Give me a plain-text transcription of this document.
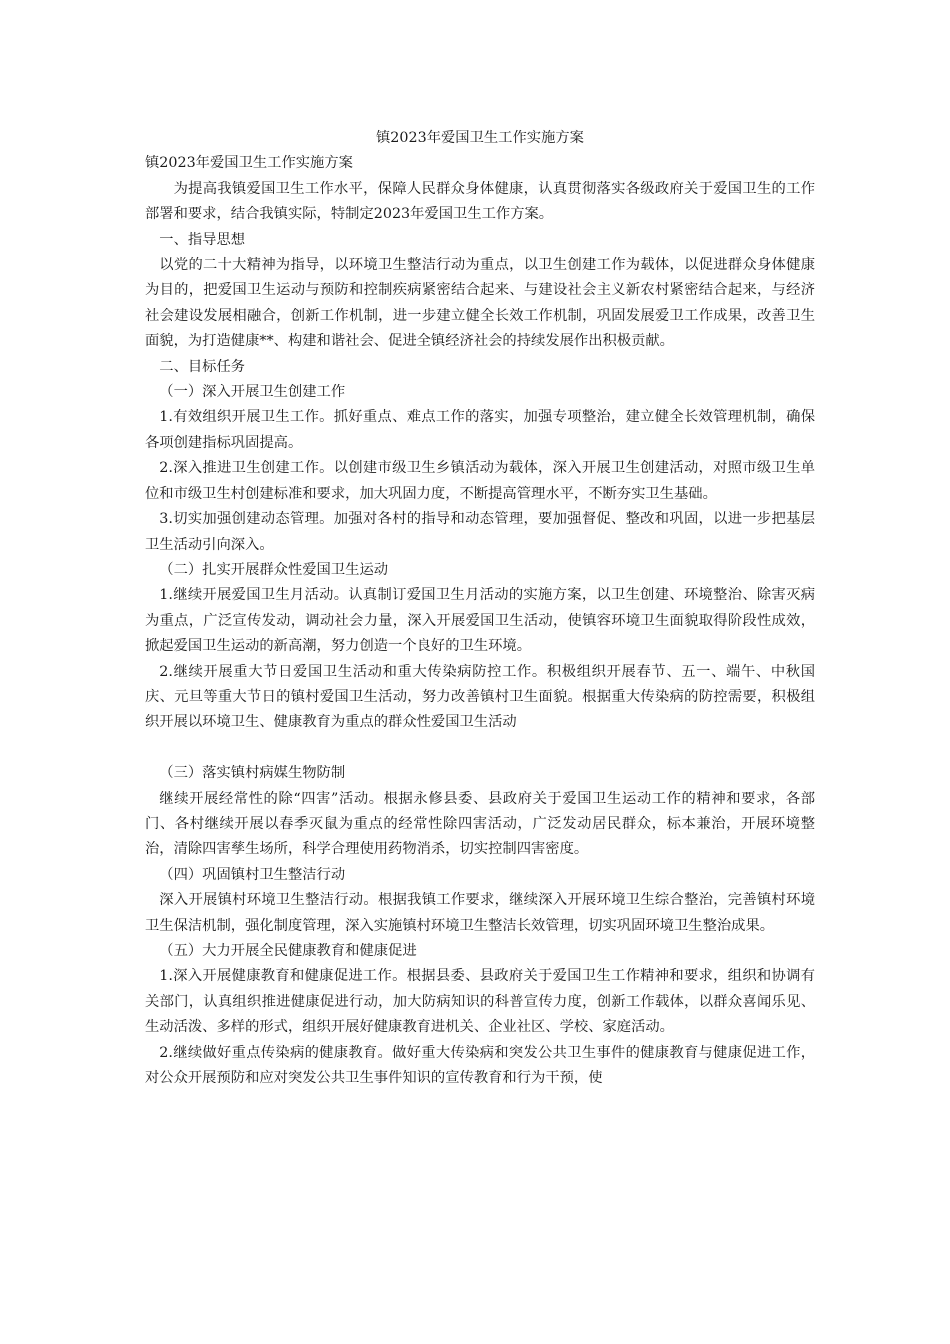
镇2023年爱国卫生工作实施方案

镇2023年爱国卫生工作实施方案

为提高我镇爱国卫生工作水平，保障人民群众身体健康，认真贯彻落实各级政府关于爱国卫生的工作部署和要求，结合我镇实际，特制定2023年爱国卫生工作方案。

一、指导思想

以党的二十大精神为指导，以环境卫生整洁行动为重点，以卫生创建工作为载体，以促进群众身体健康为目的，把爱国卫生运动与预防和控制疾病紧密结合起来、与建设社会主义新农村紧密结合起来，与经济社会建设发展相融合，创新工作机制，进一步建立健全长效工作机制，巩固发展爱卫工作成果，改善卫生面貌，为打造健康**、构建和谐社会、促进全镇经济社会的持续发展作出积极贡献。

二、目标任务

（一）深入开展卫生创建工作

1.有效组织开展卫生工作。抓好重点、难点工作的落实，加强专项整治，建立健全长效管理机制，确保各项创建指标巩固提高。

2.深入推进卫生创建工作。以创建市级卫生乡镇活动为载体，深入开展卫生创建活动，对照市级卫生单位和市级卫生村创建标准和要求，加大巩固力度，不断提高管理水平，不断夯实卫生基础。

3.切实加强创建动态管理。加强对各村的指导和动态管理，要加强督促、整改和巩固，以进一步把基层卫生活动引向深入。

（二）扎实开展群众性爱国卫生运动

1.继续开展爱国卫生月活动。认真制订爱国卫生月活动的实施方案，以卫生创建、环境整治、除害灭病为重点，广泛宣传发动，调动社会力量，深入开展爱国卫生活动，使镇容环境卫生面貌取得阶段性成效，掀起爱国卫生运动的新高潮，努力创造一个良好的卫生环境。

2.继续开展重大节日爱国卫生活动和重大传染病防控工作。积极组织开展春节、五一、端午、中秋国庆、元旦等重大节日的镇村爱国卫生活动，努力改善镇村卫生面貌。根据重大传染病的防控需要，积极组织开展以环境卫生、健康教育为重点的群众性爱国卫生活动

（三）落实镇村病媒生物防制

继续开展经常性的除“四害”活动。根据永修县委、县政府关于爱国卫生运动工作的精神和要求，各部门、各村继续开展以春季灭鼠为重点的经常性除四害活动，广泛发动居民群众，标本兼治，开展环境整治，清除四害孳生场所，科学合理使用药物消杀，切实控制四害密度。

（四）巩固镇村卫生整洁行动

深入开展镇村环境卫生整洁行动。根据我镇工作要求，继续深入开展环境卫生综合整治，完善镇村环境卫生保洁机制，强化制度管理，深入实施镇村环境卫生整洁长效管理，切实巩固环境卫生整治成果。

（五）大力开展全民健康教育和健康促进

1.深入开展健康教育和健康促进工作。根据县委、县政府关于爱国卫生工作精神和要求，组织和协调有关部门，认真组织推进健康促进行动，加大防病知识的科普宣传力度，创新工作载体，以群众喜闻乐见、生动活泼、多样的形式，组织开展好健康教育进机关、企业社区、学校、家庭活动。

2.继续做好重点传染病的健康教育。做好重大传染病和突发公共卫生事件的健康教育与健康促进工作，对公众开展预防和应对突发公共卫生事件知识的宣传教育和行为干预，使
